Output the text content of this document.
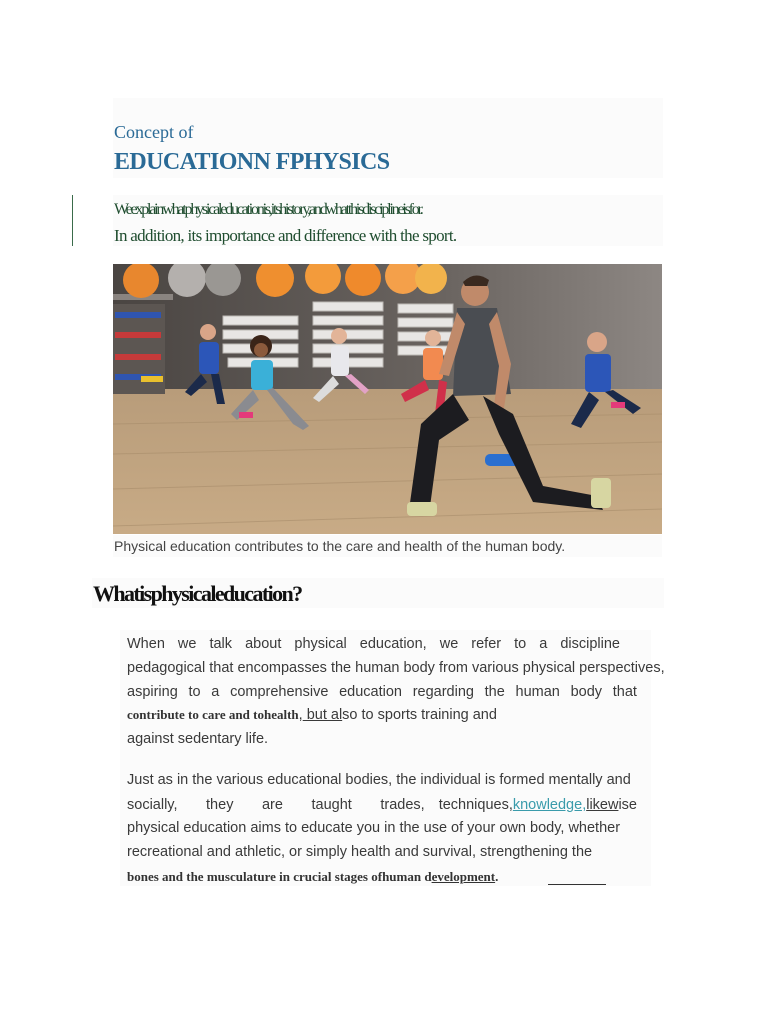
Concept of
EDUCATIONN FPHYSICS
Weexplainwhatphysicaleducationis,itshistory,andwhatthisdisciplineisfor.
In addition, its importance and difference with the sport.
Physical education contributes to the care and health of the human body.
Whatisphysicaleducation?
When we talk about physical education, we refer to a discipline
pedagogical that encompasses the human body from various physical perspectives,
aspiring to a comprehensive education regarding the human body that
contribute to care and tohealth, but also to sports training and
against sedentary life.
Just as in the various educational bodies, the individual is formed mentally and
socially, they are taught trades, techniques, knowledge, likew ise
physical education aims to educate you in the use of your own body, whether
recreational and athletic, or simply health and survival, strengthening the
bones and the musculature in crucial stages ofhuman development.
